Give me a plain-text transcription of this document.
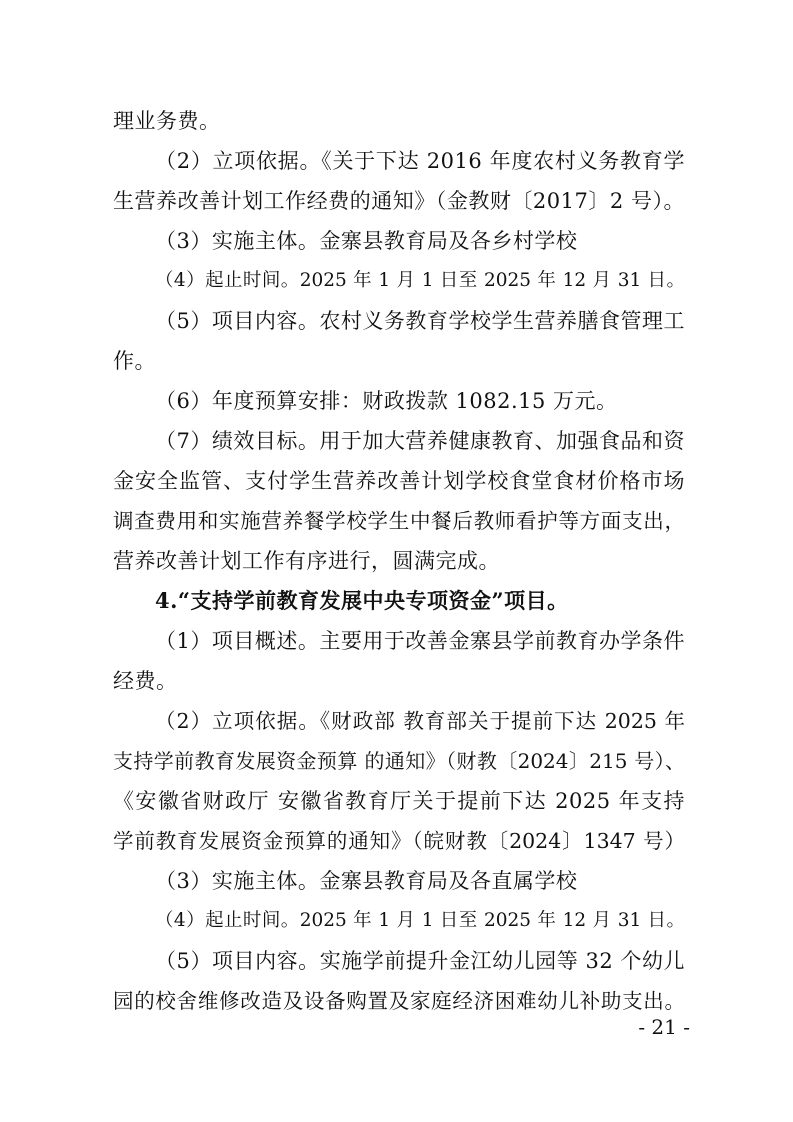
理业务费。
（2）立项依据。《关于下达 2016 年度农村义务教育学
生营养改善计划工作经费的通知》（金教财〔2017〕2 号）。
（3）实施主体。金寨县教育局及各乡村学校
（4）起止时间。2025 年 1 月 1 日至 2025 年 12 月 31 日。
（5）项目内容。农村义务教育学校学生营养膳食管理工
作。
（6）年度预算安排：财政拨款 1082.15 万元。
（7）绩效目标。用于加大营养健康教育、加强食品和资
金安全监管、支付学生营养改善计划学校食堂食材价格市场
调查费用和实施营养餐学校学生中餐后教师看护等方面支出，
营养改善计划工作有序进行，圆满完成。
4.“支持学前教育发展中央专项资金”项目。
（1）项目概述。主要用于改善金寨县学前教育办学条件
经费。
（2）立项依据。《财政部 教育部关于提前下达 2025 年
支持学前教育发展资金预算 的通知》（财教〔2024〕215 号）、
《安徽省财政厅 安徽省教育厅关于提前下达 2025 年支持
学前教育发展资金预算的通知》（皖财教〔2024〕1347 号）
（3）实施主体。金寨县教育局及各直属学校
（4）起止时间。2025 年 1 月 1 日至 2025 年 12 月 31 日。
（5）项目内容。实施学前提升金江幼儿园等 32 个幼儿
园的校舍维修改造及设备购置及家庭经济困难幼儿补助支出。
- 21 -
